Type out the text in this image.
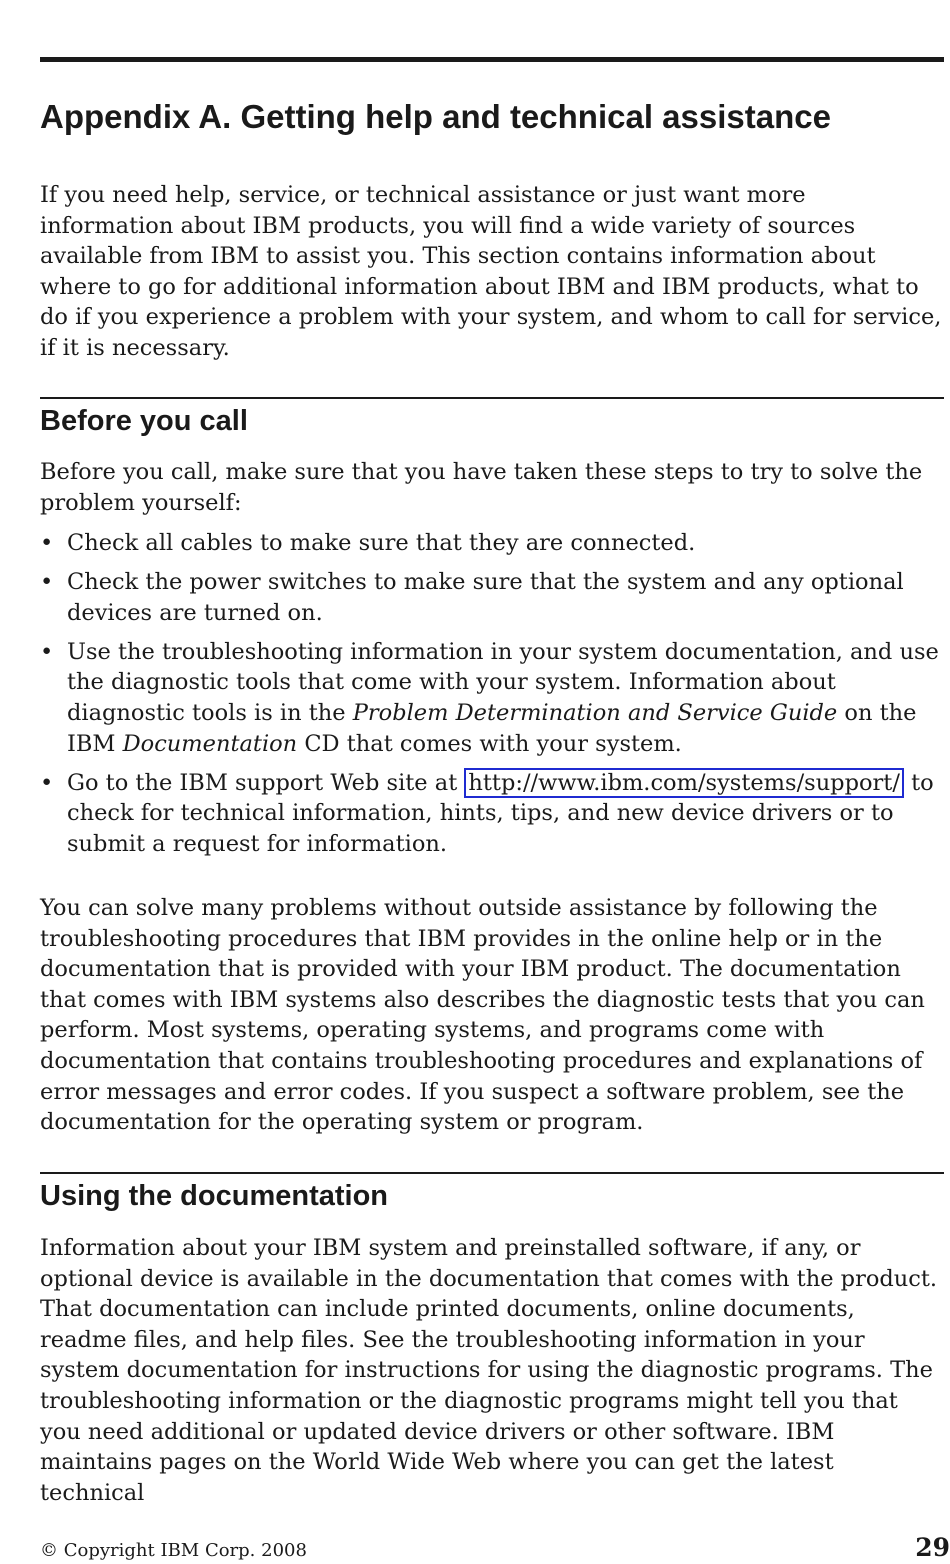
Appendix A. Getting help and technical assistance

If you need help, service, or technical assistance or just want more information about IBM products, you will find a wide variety of sources available from IBM to assist you. This section contains information about where to go for additional information about IBM and IBM products, what to do if you experience a problem with your system, and whom to call for service, if it is necessary.

Before you call

Before you call, make sure that you have taken these steps to try to solve the problem yourself:

• Check all cables to make sure that they are connected.
• Check the power switches to make sure that the system and any optional devices are turned on.
• Use the troubleshooting information in your system documentation, and use the diagnostic tools that come with your system. Information about diagnostic tools is in the Problem Determination and Service Guide on the IBM Documentation CD that comes with your system.
• Go to the IBM support Web site at http://www.ibm.com/systems/support/ to check for technical information, hints, tips, and new device drivers or to submit a request for information.

You can solve many problems without outside assistance by following the troubleshooting procedures that IBM provides in the online help or in the documentation that is provided with your IBM product. The documentation that comes with IBM systems also describes the diagnostic tests that you can perform. Most systems, operating systems, and programs come with documentation that contains troubleshooting procedures and explanations of error messages and error codes. If you suspect a software problem, see the documentation for the operating system or program.

Using the documentation

Information about your IBM system and preinstalled software, if any, or optional device is available in the documentation that comes with the product. That documentation can include printed documents, online documents, readme files, and help files. See the troubleshooting information in your system documentation for instructions for using the diagnostic programs. The troubleshooting information or the diagnostic programs might tell you that you need additional or updated device drivers or other software. IBM maintains pages on the World Wide Web where you can get the latest technical

© Copyright IBM Corp. 2008	29
